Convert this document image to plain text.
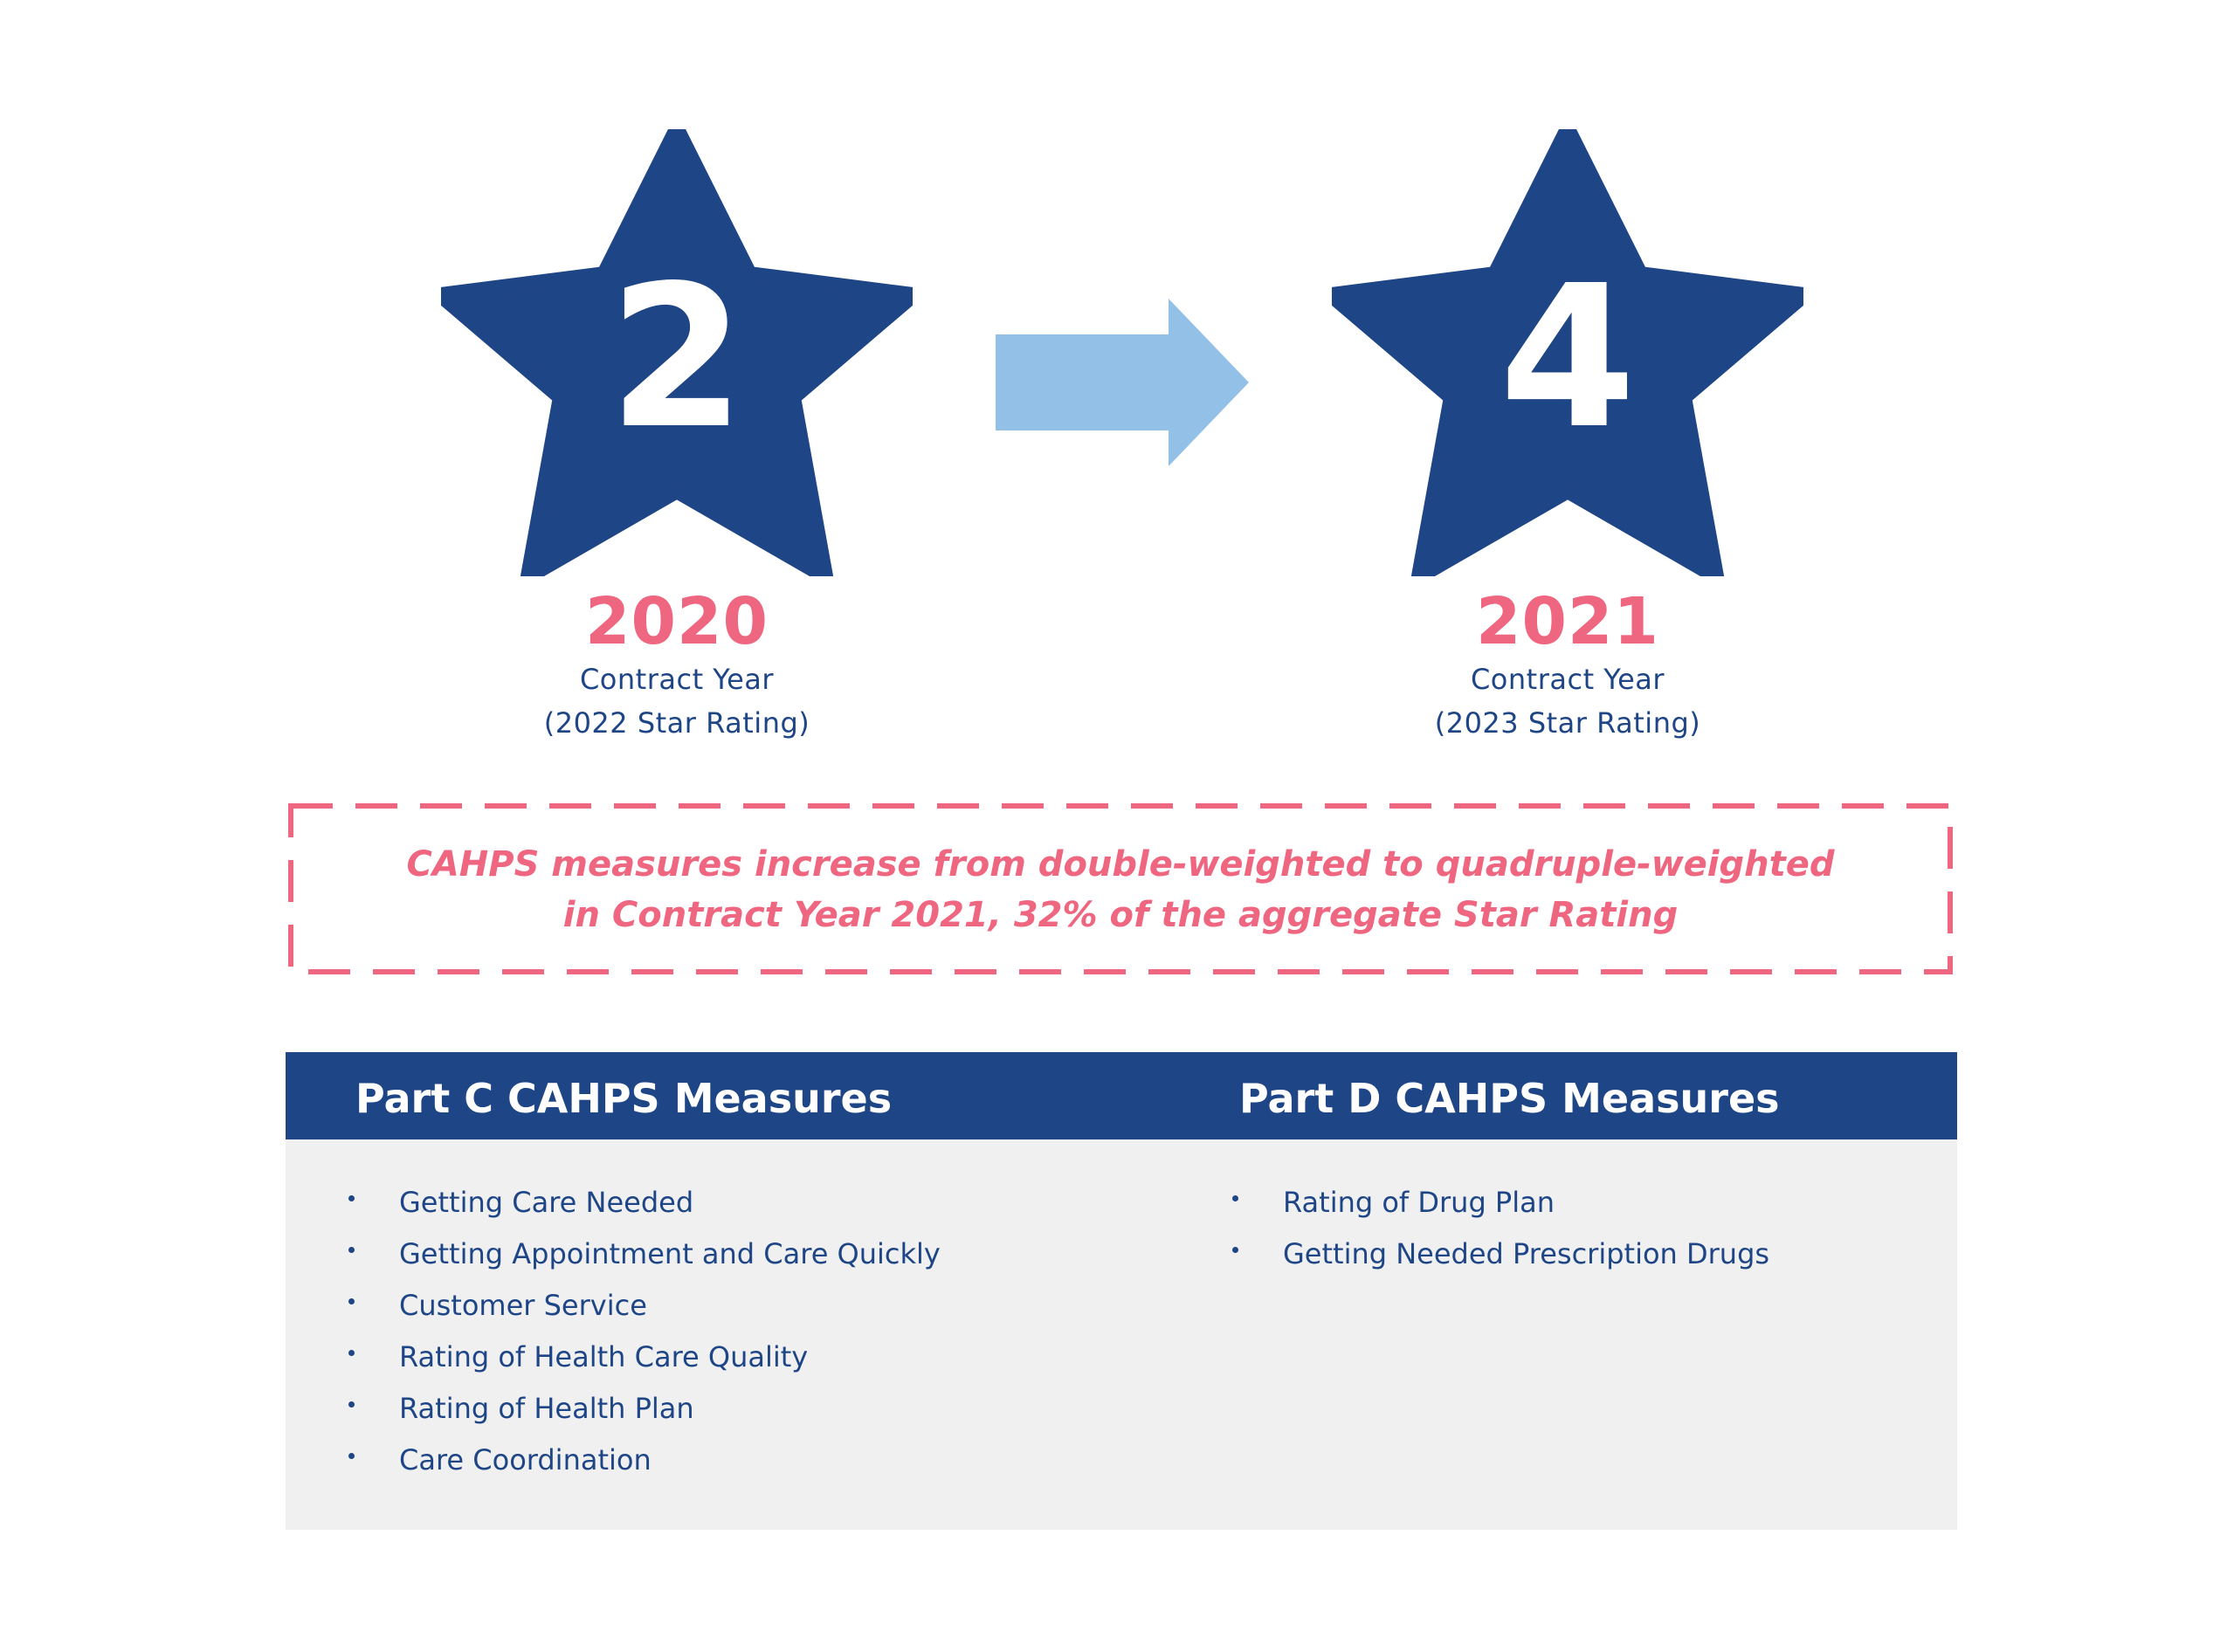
2
2020
Contract Year
(2022 Star Rating)
4
2021
Contract Year
(2023 Star Rating)
CAHPS measures increase from double-weighted to quadruple-weighted
in Contract Year 2021, 32% of the aggregate Star Rating
Part C CAHPS Measures	Part D CAHPS Measures
Getting Care Needed
Getting Appointment and Care Quickly
Customer Service
Rating of Health Care Quality
Rating of Health Plan
Care Coordination
Rating of Drug Plan
Getting Needed Prescription Drugs
